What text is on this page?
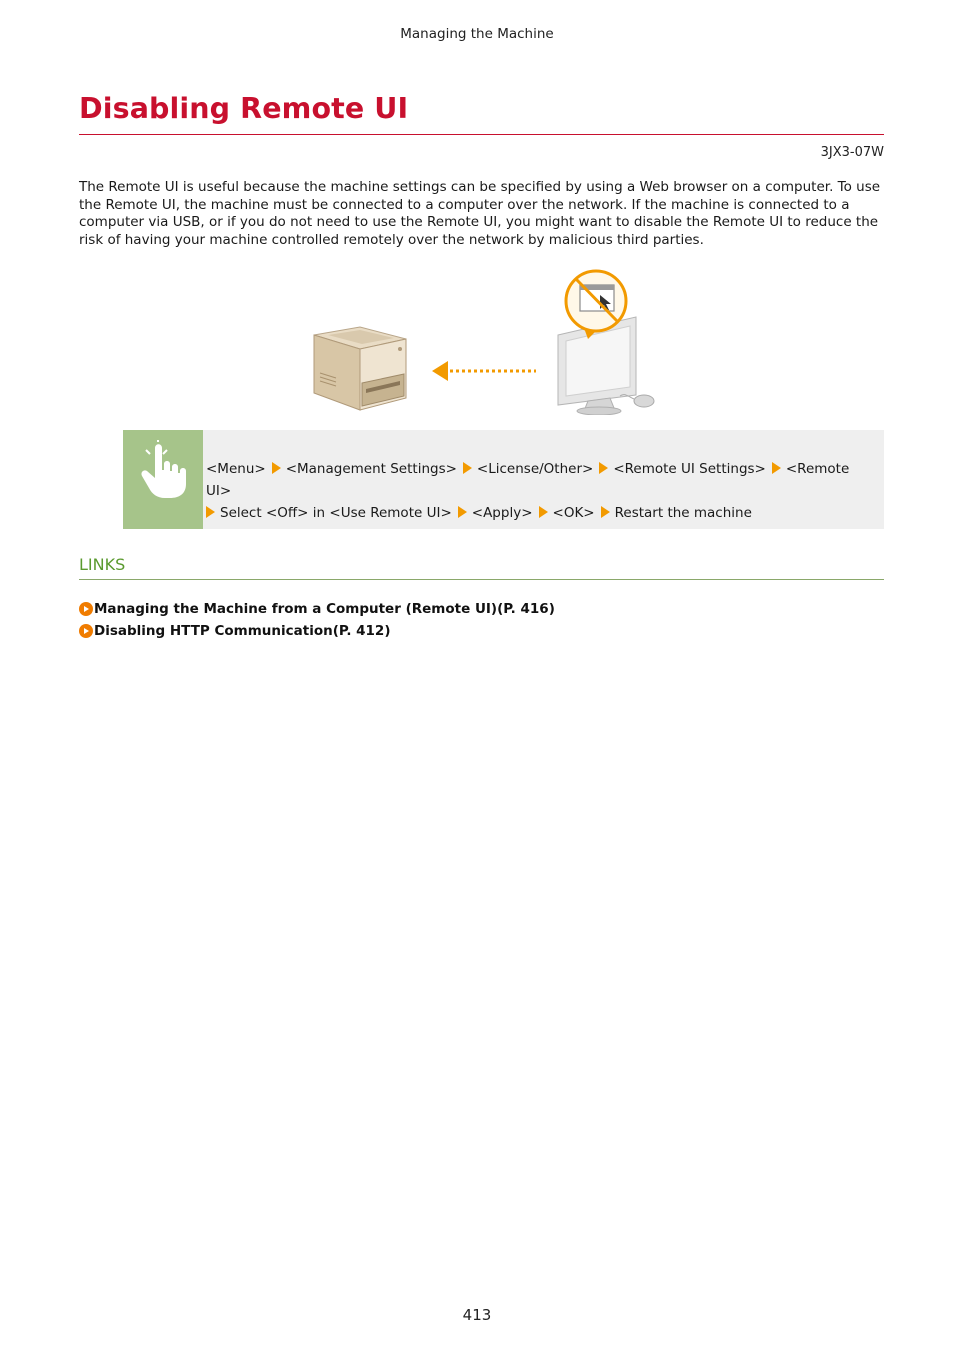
Managing the Machine
Disabling Remote UI
3JX3-07W

The Remote UI is useful because the machine settings can be specified by using a Web browser on a computer. To use the Remote UI, the machine must be connected to a computer over the network. If the machine is connected to a computer via USB, or if you do not need to use the Remote UI, you might want to disable the Remote UI to reduce the risk of having your machine controlled remotely over the network by malicious third parties.

<Menu> <Management Settings> <License/Other> <Remote UI Settings> <Remote UI>
Select <Off> in <Use Remote UI> <Apply> <OK> Restart the machine
LINKS
Managing the Machine from a Computer (Remote UI)(P. 416)
Disabling HTTP Communication(P. 412)
413
